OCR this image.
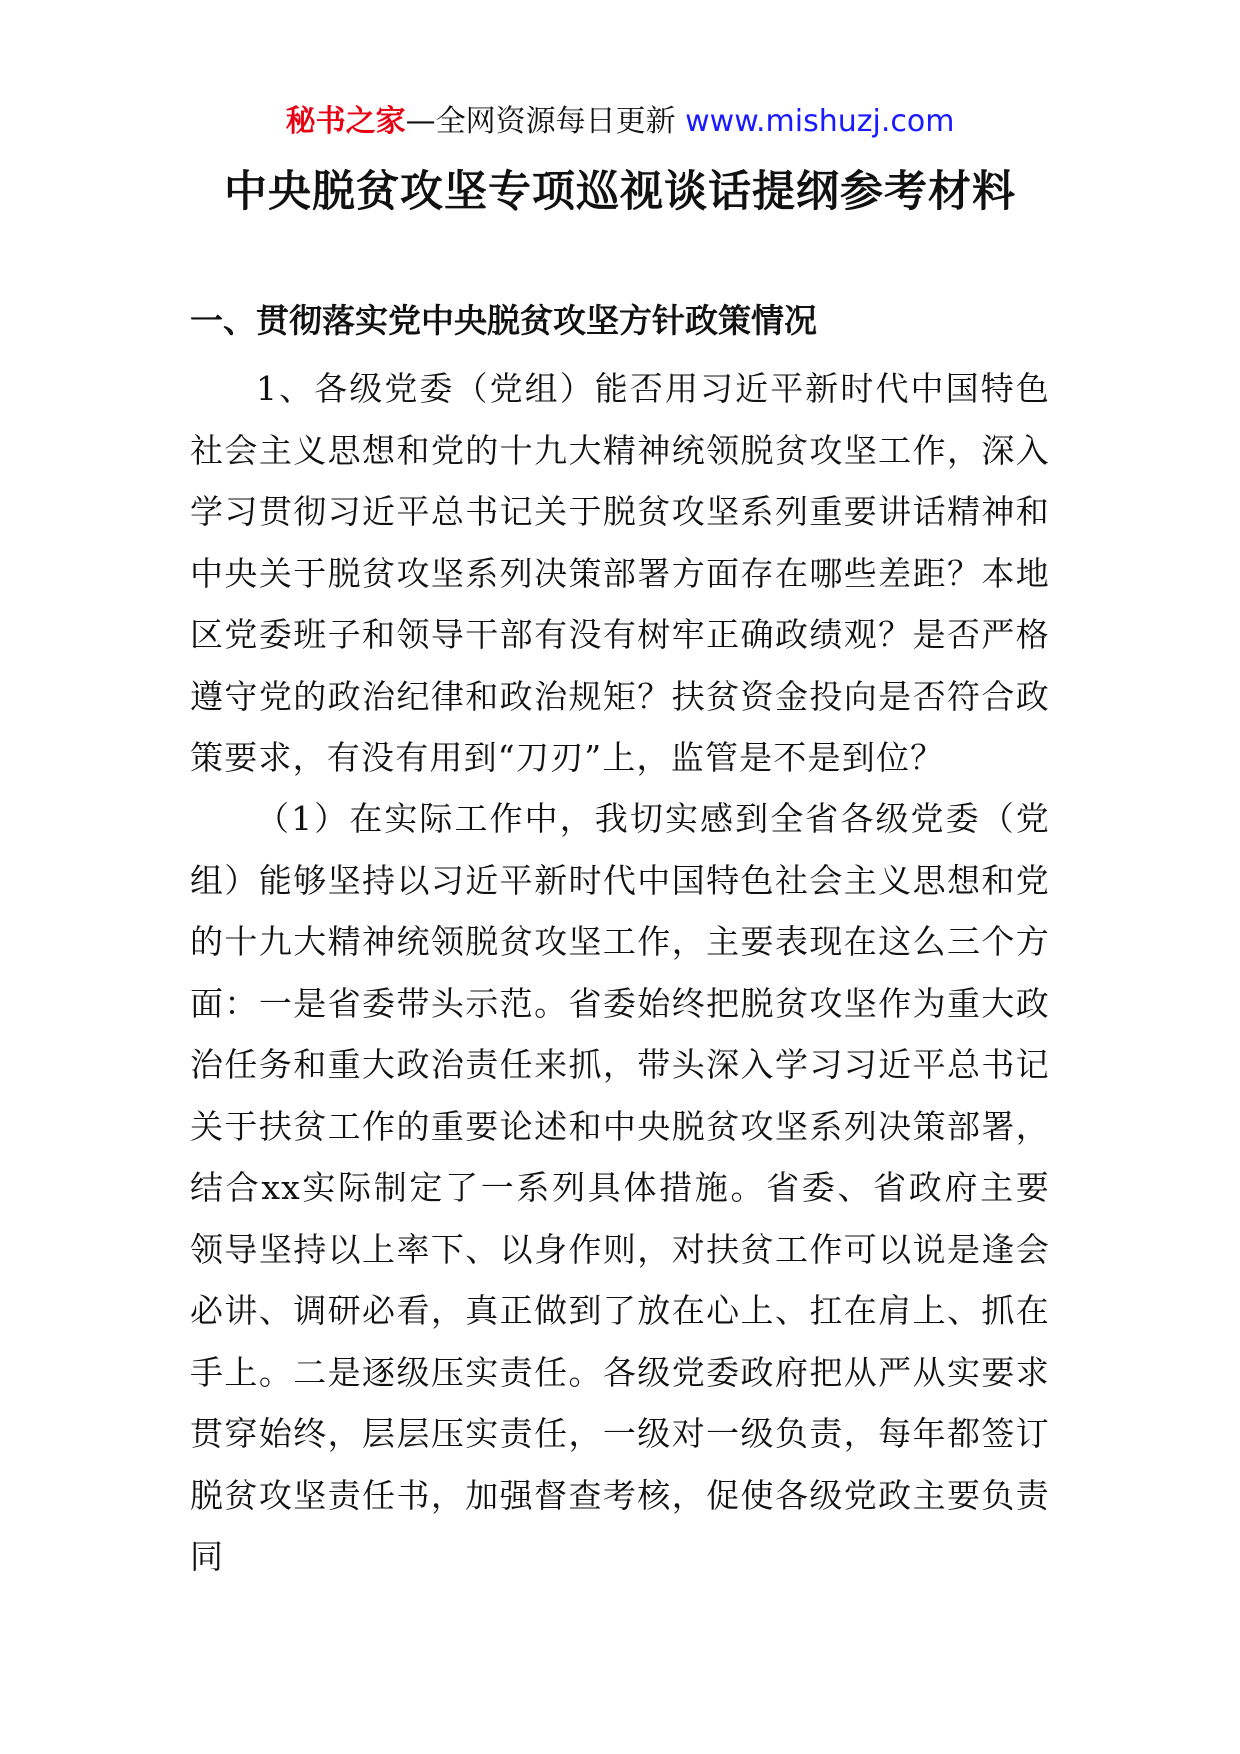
秘书之家—全网资源每日更新 www.mishuzj.com
中央脱贫攻坚专项巡视谈话提纲参考材料
一、贯彻落实党中央脱贫攻坚方针政策情况

1、各级党委（党组）能否用习近平新时代中国特色社会主义思想和党的十九大精神统领脱贫攻坚工作，深入学习贯彻习近平总书记关于脱贫攻坚系列重要讲话精神和中央关于脱贫攻坚系列决策部署方面存在哪些差距？本地区党委班子和领导干部有没有树牢正确政绩观？是否严格遵守党的政治纪律和政治规矩？扶贫资金投向是否符合政策要求，有没有用到“刀刃”上，监管是不是到位？

（1）在实际工作中，我切实感到全省各级党委（党组）能够坚持以习近平新时代中国特色社会主义思想和党的十九大精神统领脱贫攻坚工作，主要表现在这么三个方面：一是省委带头示范。省委始终把脱贫攻坚作为重大政治任务和重大政治责任来抓，带头深入学习习近平总书记关于扶贫工作的重要论述和中央脱贫攻坚系列决策部署，结合xx实际制定了一系列具体措施。省委、省政府主要领导坚持以上率下、以身作则，对扶贫工作可以说是逢会必讲、调研必看，真正做到了放在心上、扛在肩上、抓在手上。二是逐级压实责任。各级党委政府把从严从实要求贯穿始终，层层压实责任，一级对一级负责，每年都签订脱贫攻坚责任书，加强督查考核，促使各级党政主要负责同
